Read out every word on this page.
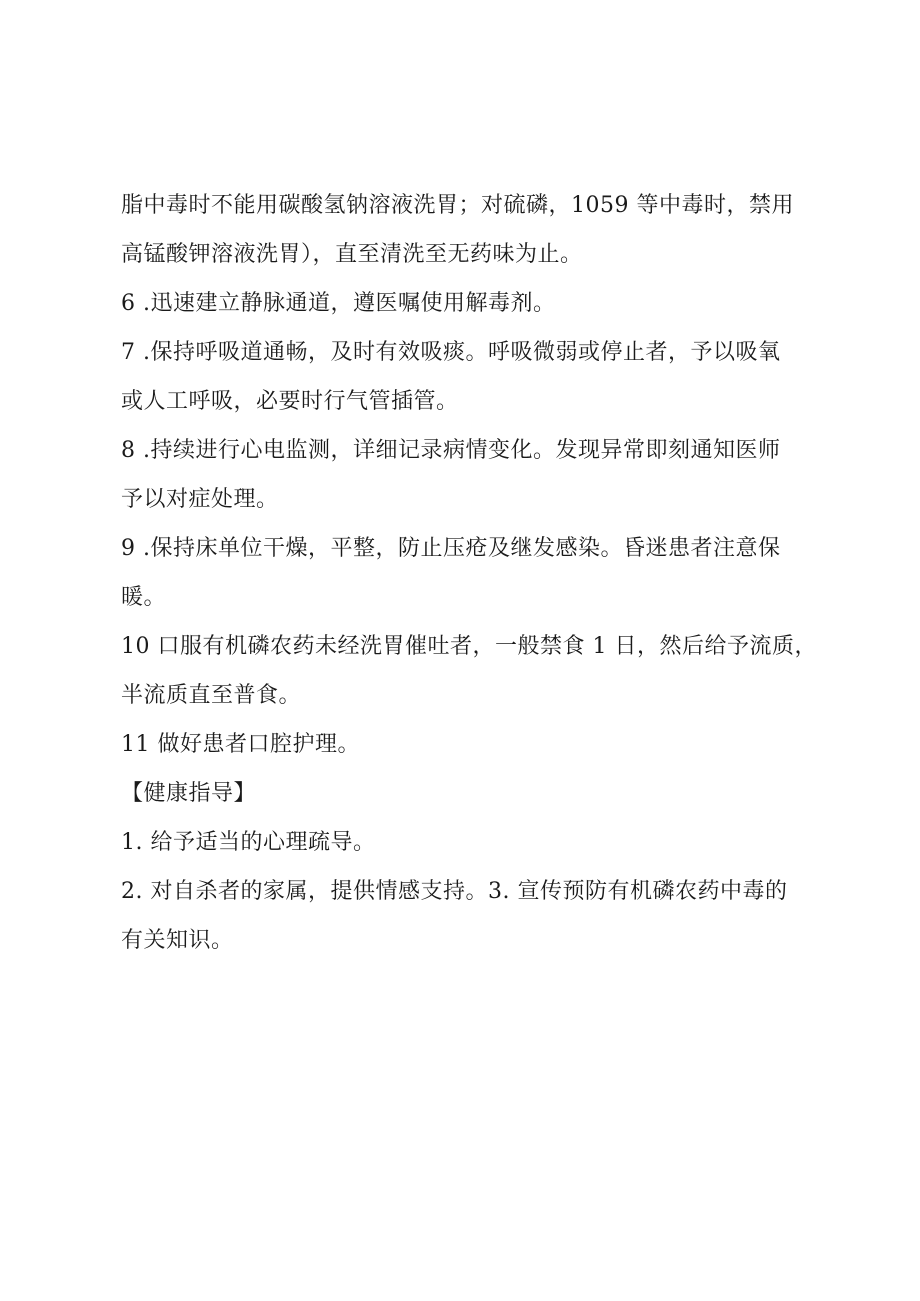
脂中毒时不能用碳酸氢钠溶液洗胃；对硫磷，1059 等中毒时，禁用
高锰酸钾溶液洗胃），直至清洗至无药味为止。
6 .迅速建立静脉通道，遵医嘱使用解毒剂。
7 .保持呼吸道通畅，及时有效吸痰。呼吸微弱或停止者，予以吸氧
或人工呼吸，必要时行气管插管。
8 .持续进行心电监测，详细记录病情变化。发现异常即刻通知医师
予以对症处理。
9 .保持床单位干燥，平整，防止压疮及继发感染。昏迷患者注意保
暖。
10 口服有机磷农药未经洗胃催吐者，一般禁食 1 日，然后给予流质，
半流质直至普食。
11 做好患者口腔护理。
【健康指导】
1. 给予适当的心理疏导。
2. 对自杀者的家属，提供情感支持。3. 宣传预防有机磷农药中毒的
有关知识。
